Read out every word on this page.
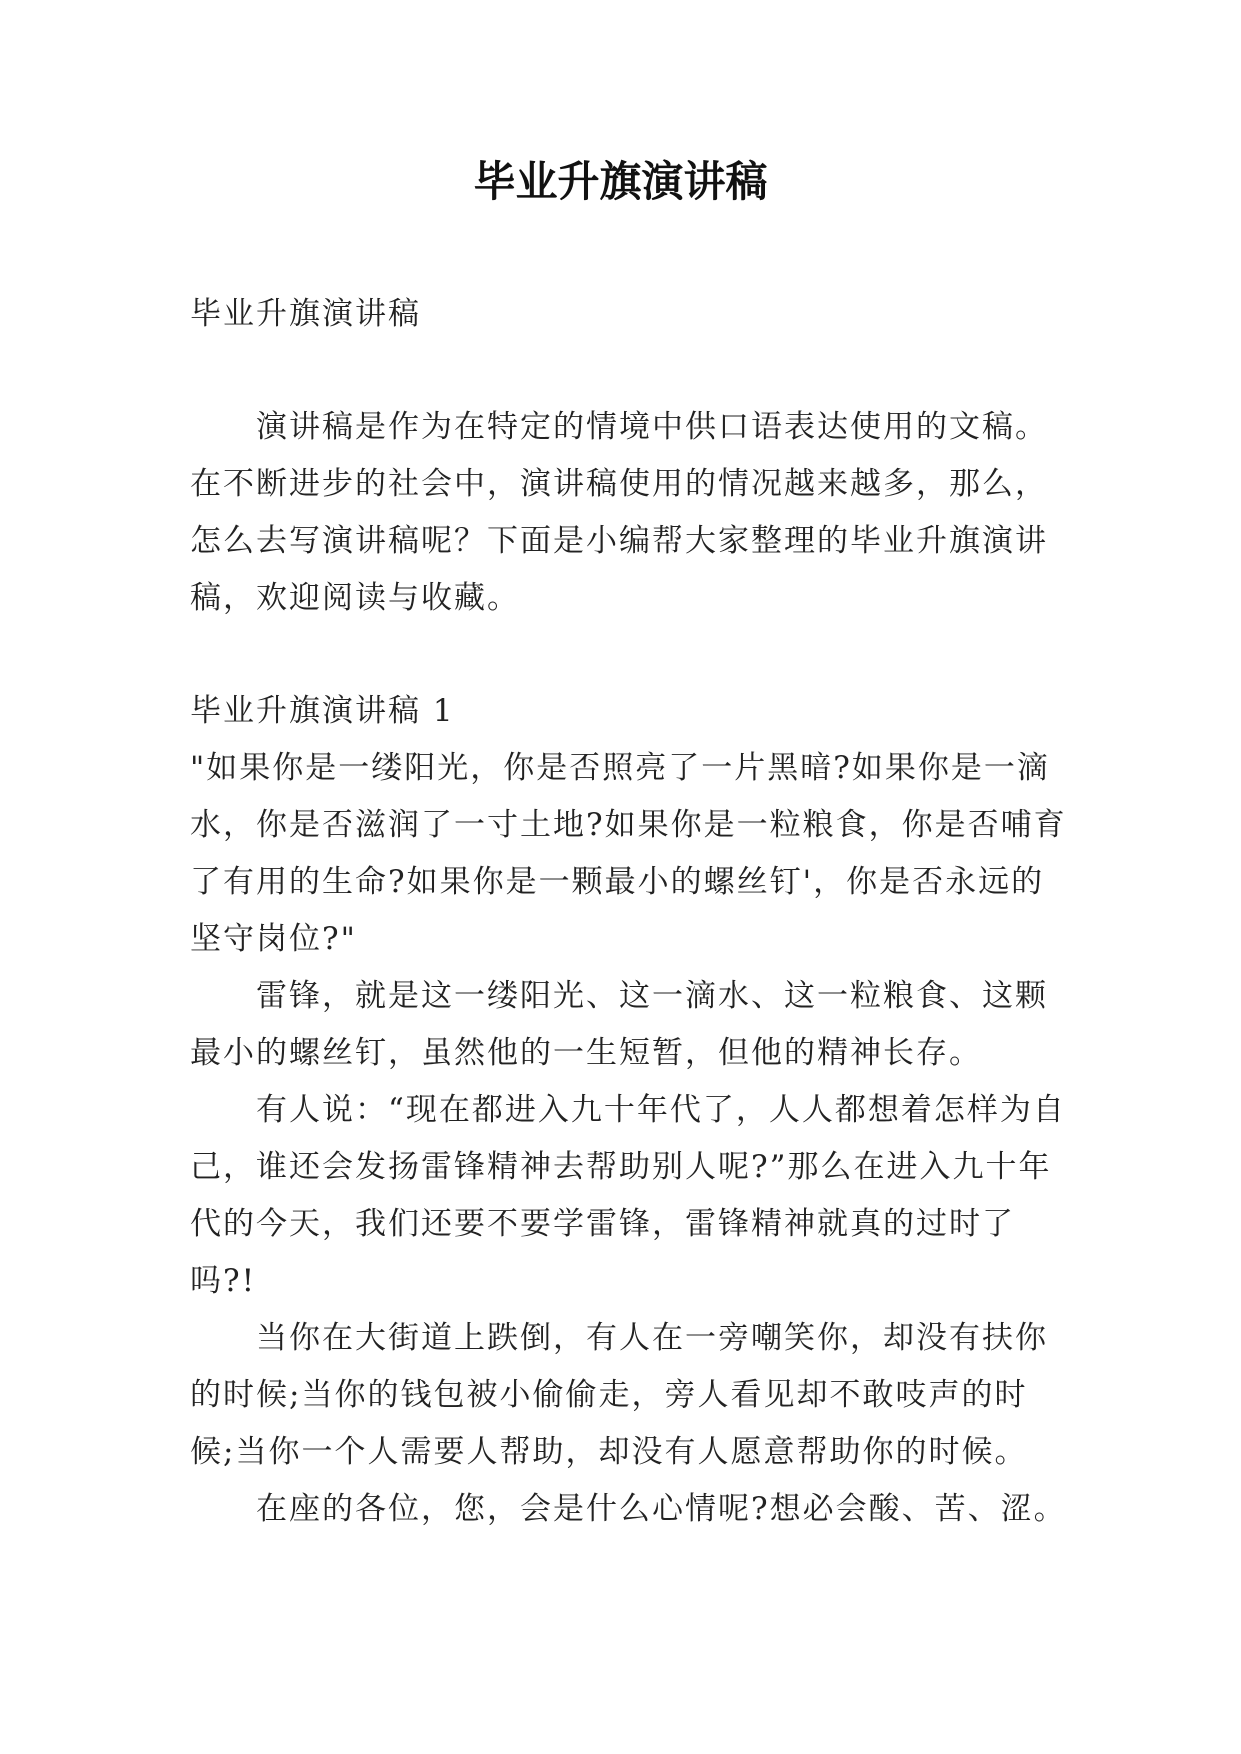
毕业升旗演讲稿
毕业升旗演讲稿

演讲稿是作为在特定的情境中供口语表达使用的文稿。在不断进步的社会中，演讲稿使用的情况越来越多，那么，怎么去写演讲稿呢？下面是小编帮大家整理的毕业升旗演讲稿，欢迎阅读与收藏。

毕业升旗演讲稿 1

"如果你是一缕阳光，你是否照亮了一片黑暗?如果你是一滴水，你是否滋润了一寸土地?如果你是一粒粮食，你是否哺育了有用的生命?如果你是一颗最小的螺丝钉'，你是否永远的坚守岗位?"

雷锋，就是这一缕阳光、这一滴水、这一粒粮食、这颗最小的螺丝钉，虽然他的一生短暂，但他的精神长存。

有人说：“现在都进入九十年代了，人人都想着怎样为自己，谁还会发扬雷锋精神去帮助别人呢?”那么在进入九十年代的今天，我们还要不要学雷锋，雷锋精神就真的过时了吗?!

当你在大街道上跌倒，有人在一旁嘲笑你，却没有扶你的时候;当你的钱包被小偷偷走，旁人看见却不敢吱声的时候;当你一个人需要人帮助，却没有人愿意帮助你的时候。

在座的各位，您，会是什么心情呢?想必会酸、苦、涩。
